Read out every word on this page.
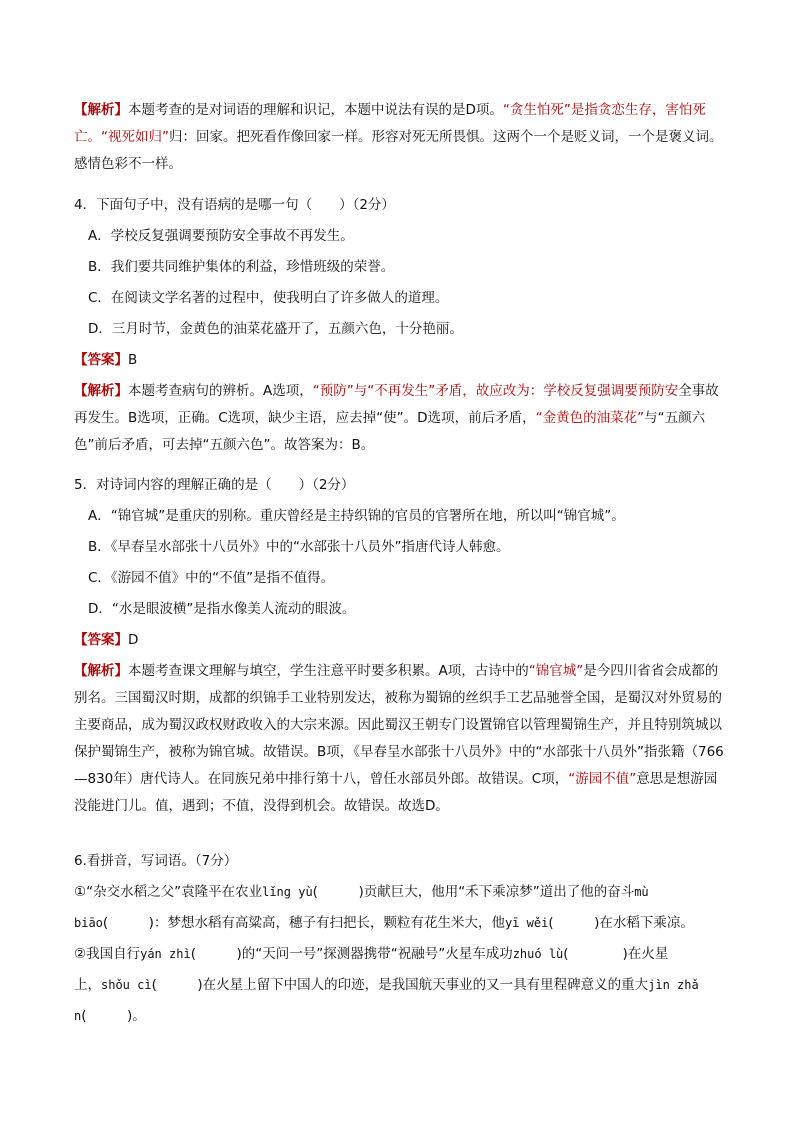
【解析】本题考查的是对词语的理解和识记，本题中说法有误的是D项。“贪生怕死”是指贪恋生存，害怕死亡。“视死如归”归：回家。把死看作像回家一样。形容对死无所畏惧。这两个一个是贬义词，一个是褒义词。感情色彩不一样。
4．下面句子中，没有语病的是哪一句（　　）（2分）
A．学校反复强调要预防安全事故不再发生。
B．我们要共同维护集体的利益，珍惜班级的荣誉。
C．在阅读文学名著的过程中，使我明白了许多做人的道理。
D．三月时节，金黄色的油菜花盛开了，五颜六色，十分艳丽。
【答案】B
【解析】本题考查病句的辨析。A选项，“预防”与“不再发生”矛盾，故应改为：学校反复强调要预防安全事故再发生。B选项，正确。C选项，缺少主语，应去掉“使”。D选项，前后矛盾，“金黄色的油菜花”与“五颜六色”前后矛盾，可去掉“五颜六色”。故答案为：B。
5．对诗词内容的理解正确的是（　　）（2分）
A．“锦官城”是重庆的别称。重庆曾经是主持织锦的官员的官署所在地，所以叫“锦官城”。
B．《早春呈水部张十八员外》中的“水部张十八员外”指唐代诗人韩愈。
C．《游园不值》中的“不值”是指不值得。
D．“水是眼波横”是指水像美人流动的眼波。
【答案】D
【解析】本题考查课文理解与填空，学生注意平时要多积累。A项，古诗中的“锦官城”是今四川省省会成都的别名。三国蜀汉时期，成都的织锦手工业特别发达，被称为蜀锦的丝织手工艺品驰誉全国，是蜀汉对外贸易的主要商品，成为蜀汉政权财政收入的大宗来源。因此蜀汉王朝专门设置锦官以管理蜀锦生产，并且特别筑城以保护蜀锦生产，被称为锦官城。故错误。B项，《早春呈水部张十八员外》中的“水部张十八员外”指张籍（766—830年）唐代诗人。在同族兄弟中排行第十八，曾任水部员外郎。故错误。C项，“游园不值”意思是想游园没能进门儿。值，遇到；不值，没得到机会。故错误。故选D。
6.看拼音，写词语。（7分）
①“杂交水稻之父”袁隆平在农业lǐng yù(　　　)贡献巨大，他用“禾下乘凉梦”道出了他的奋斗mù
biāo(　　　)：梦想水稻有高粱高，穗子有扫把长，颗粒有花生米大，他yī wěi(　　　)在水稻下乘凉。
②我国自行yán zhì(　　　)的“天问一号”探测器携带“祝融号”火星车成功zhuó lù(　　　　)在火星
上，shǒu cì(　　　)在火星上留下中国人的印迹，是我国航天事业的又一具有里程碑意义的重大jìn zhǎ
n(　　　)。
